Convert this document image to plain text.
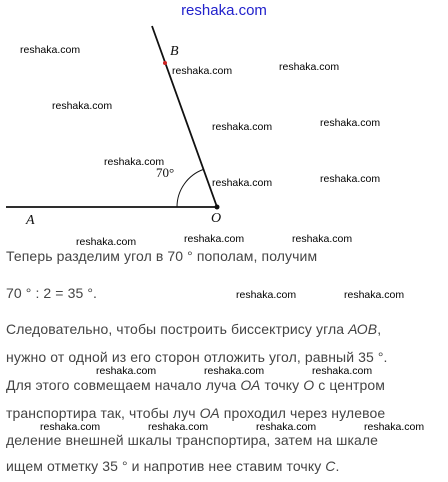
reshaka.com
B
A	O
70°
reshaka.com
reshaka.com	reshaka.com
reshaka.com
reshaka.com	reshaka.com
reshaka.com
reshaka.com	reshaka.com
reshaka.com	reshaka.com	reshaka.com
reshaka.com	reshaka.com
reshaka.com	reshaka.com	reshaka.com
reshaka.com	reshaka.com	reshaka.com	reshaka.com
Теперь разделим угол в 70 ° пополам, получим
70 ° : 2 = 35 °.
Следовательно, чтобы построить биссектрису угла АОВ,
нужно от одной из его сторон отложить угол, равный 35 °.
Для этого совмещаем начало луча ОА точку О с центром
транспортира так, чтобы луч ОА проходил через нулевое
деление внешней шкалы транспортира, затем на шкале
ищем отметку 35 ° и напротив нее ставим точку С.
